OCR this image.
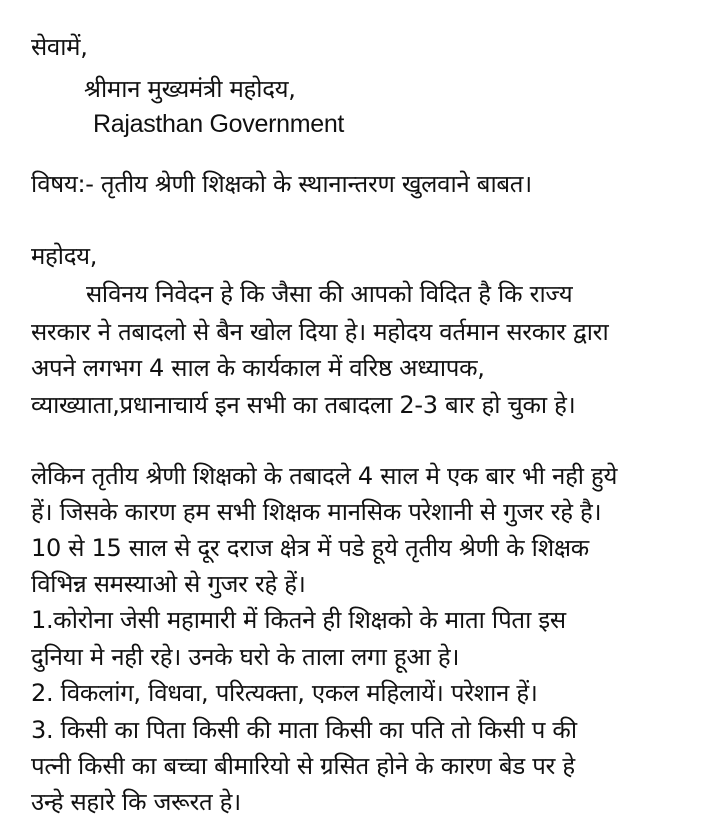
सेवामें,
श्रीमान मुख्यमंत्री महोदय,
Rajasthan Government
विषय:- तृतीय श्रेणी शिक्षको के स्थानान्तरण खुलवाने बाबत।
महोदय,
सविनय निवेदन हे कि जैसा की आपको विदित है कि राज्य
सरकार ने तबादलो से बैन खोल दिया हे। महोदय वर्तमान सरकार द्वारा
अपने लगभग 4 साल के कार्यकाल में वरिष्ठ अध्यापक,
व्याख्याता,प्रधानाचार्य इन सभी का तबादला 2-3 बार हो चुका हे।
लेकिन तृतीय श्रेणी शिक्षको के तबादले 4 साल मे एक बार भी नही हुये
हें। जिसके कारण हम सभी शिक्षक मानसिक परेशानी से गुजर रहे है।
10 से 15 साल से दूर दराज क्षेत्र में पडे हूये तृतीय श्रेणी के शिक्षक
विभिन्न समस्याओ से गुजर रहे हें।
1.कोरोना जेसी महामारी में कितने ही शिक्षको के माता पिता इस
दुनिया मे नही रहे। उनके घरो के ताला लगा हूआ हे।
2. विकलांग, विधवा, परित्यक्ता, एकल महिलायें। परेशान हें।
3. किसी का पिता किसी की माता किसी का पति तो किसी प की
पत्नी किसी का बच्चा बीमारियो से ग्रसित होने के कारण बेड पर हे
उन्हे सहारे कि जरूरत हे।
